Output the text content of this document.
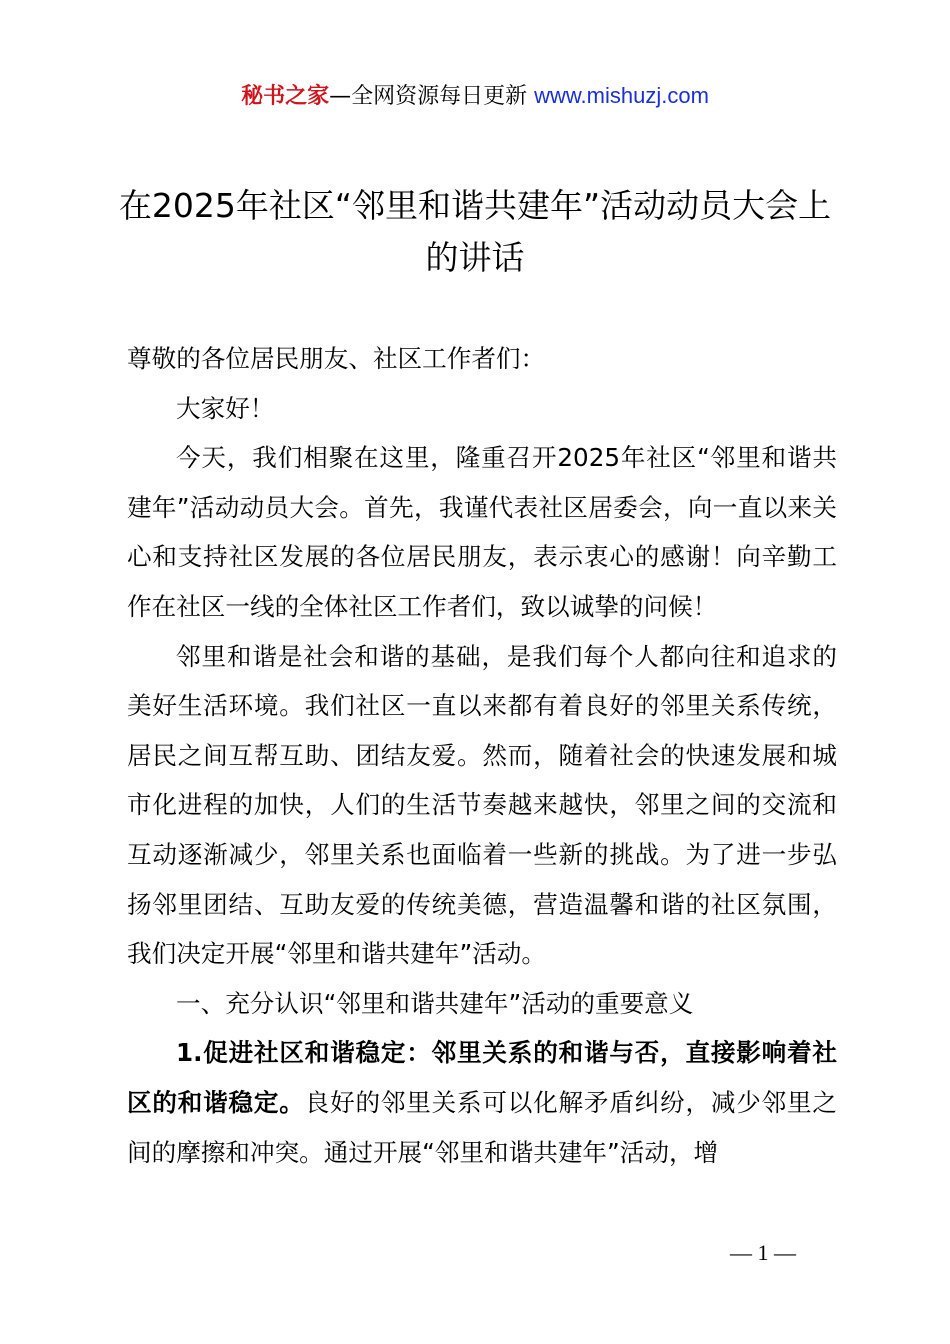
秘书之家—全网资源每日更新 www.mishuzj.com
在2025年社区“邻里和谐共建年”活动动员大会上的讲话

尊敬的各位居民朋友、社区工作者们：

大家好！

今天，我们相聚在这里，隆重召开2025年社区“邻里和谐共建年”活动动员大会。首先，我谨代表社区居委会，向一直以来关心和支持社区发展的各位居民朋友，表示衷心的感谢！向辛勤工作在社区一线的全体社区工作者们，致以诚挚的问候！

邻里和谐是社会和谐的基础，是我们每个人都向往和追求的美好生活环境。我们社区一直以来都有着良好的邻里关系传统，居民之间互帮互助、团结友爱。然而，随着社会的快速发展和城市化进程的加快，人们的生活节奏越来越快，邻里之间的交流和互动逐渐减少，邻里关系也面临着一些新的挑战。为了进一步弘扬邻里团结、互助友爱的传统美德，营造温馨和谐的社区氛围，我们决定开展“邻里和谐共建年”活动。

一、充分认识“邻里和谐共建年”活动的重要意义

1.促进社区和谐稳定：邻里关系的和谐与否，直接影响着社区的和谐稳定。良好的邻里关系可以化解矛盾纠纷，减少邻里之间的摩擦和冲突。通过开展“邻里和谐共建年”活动，增

— 1 —
